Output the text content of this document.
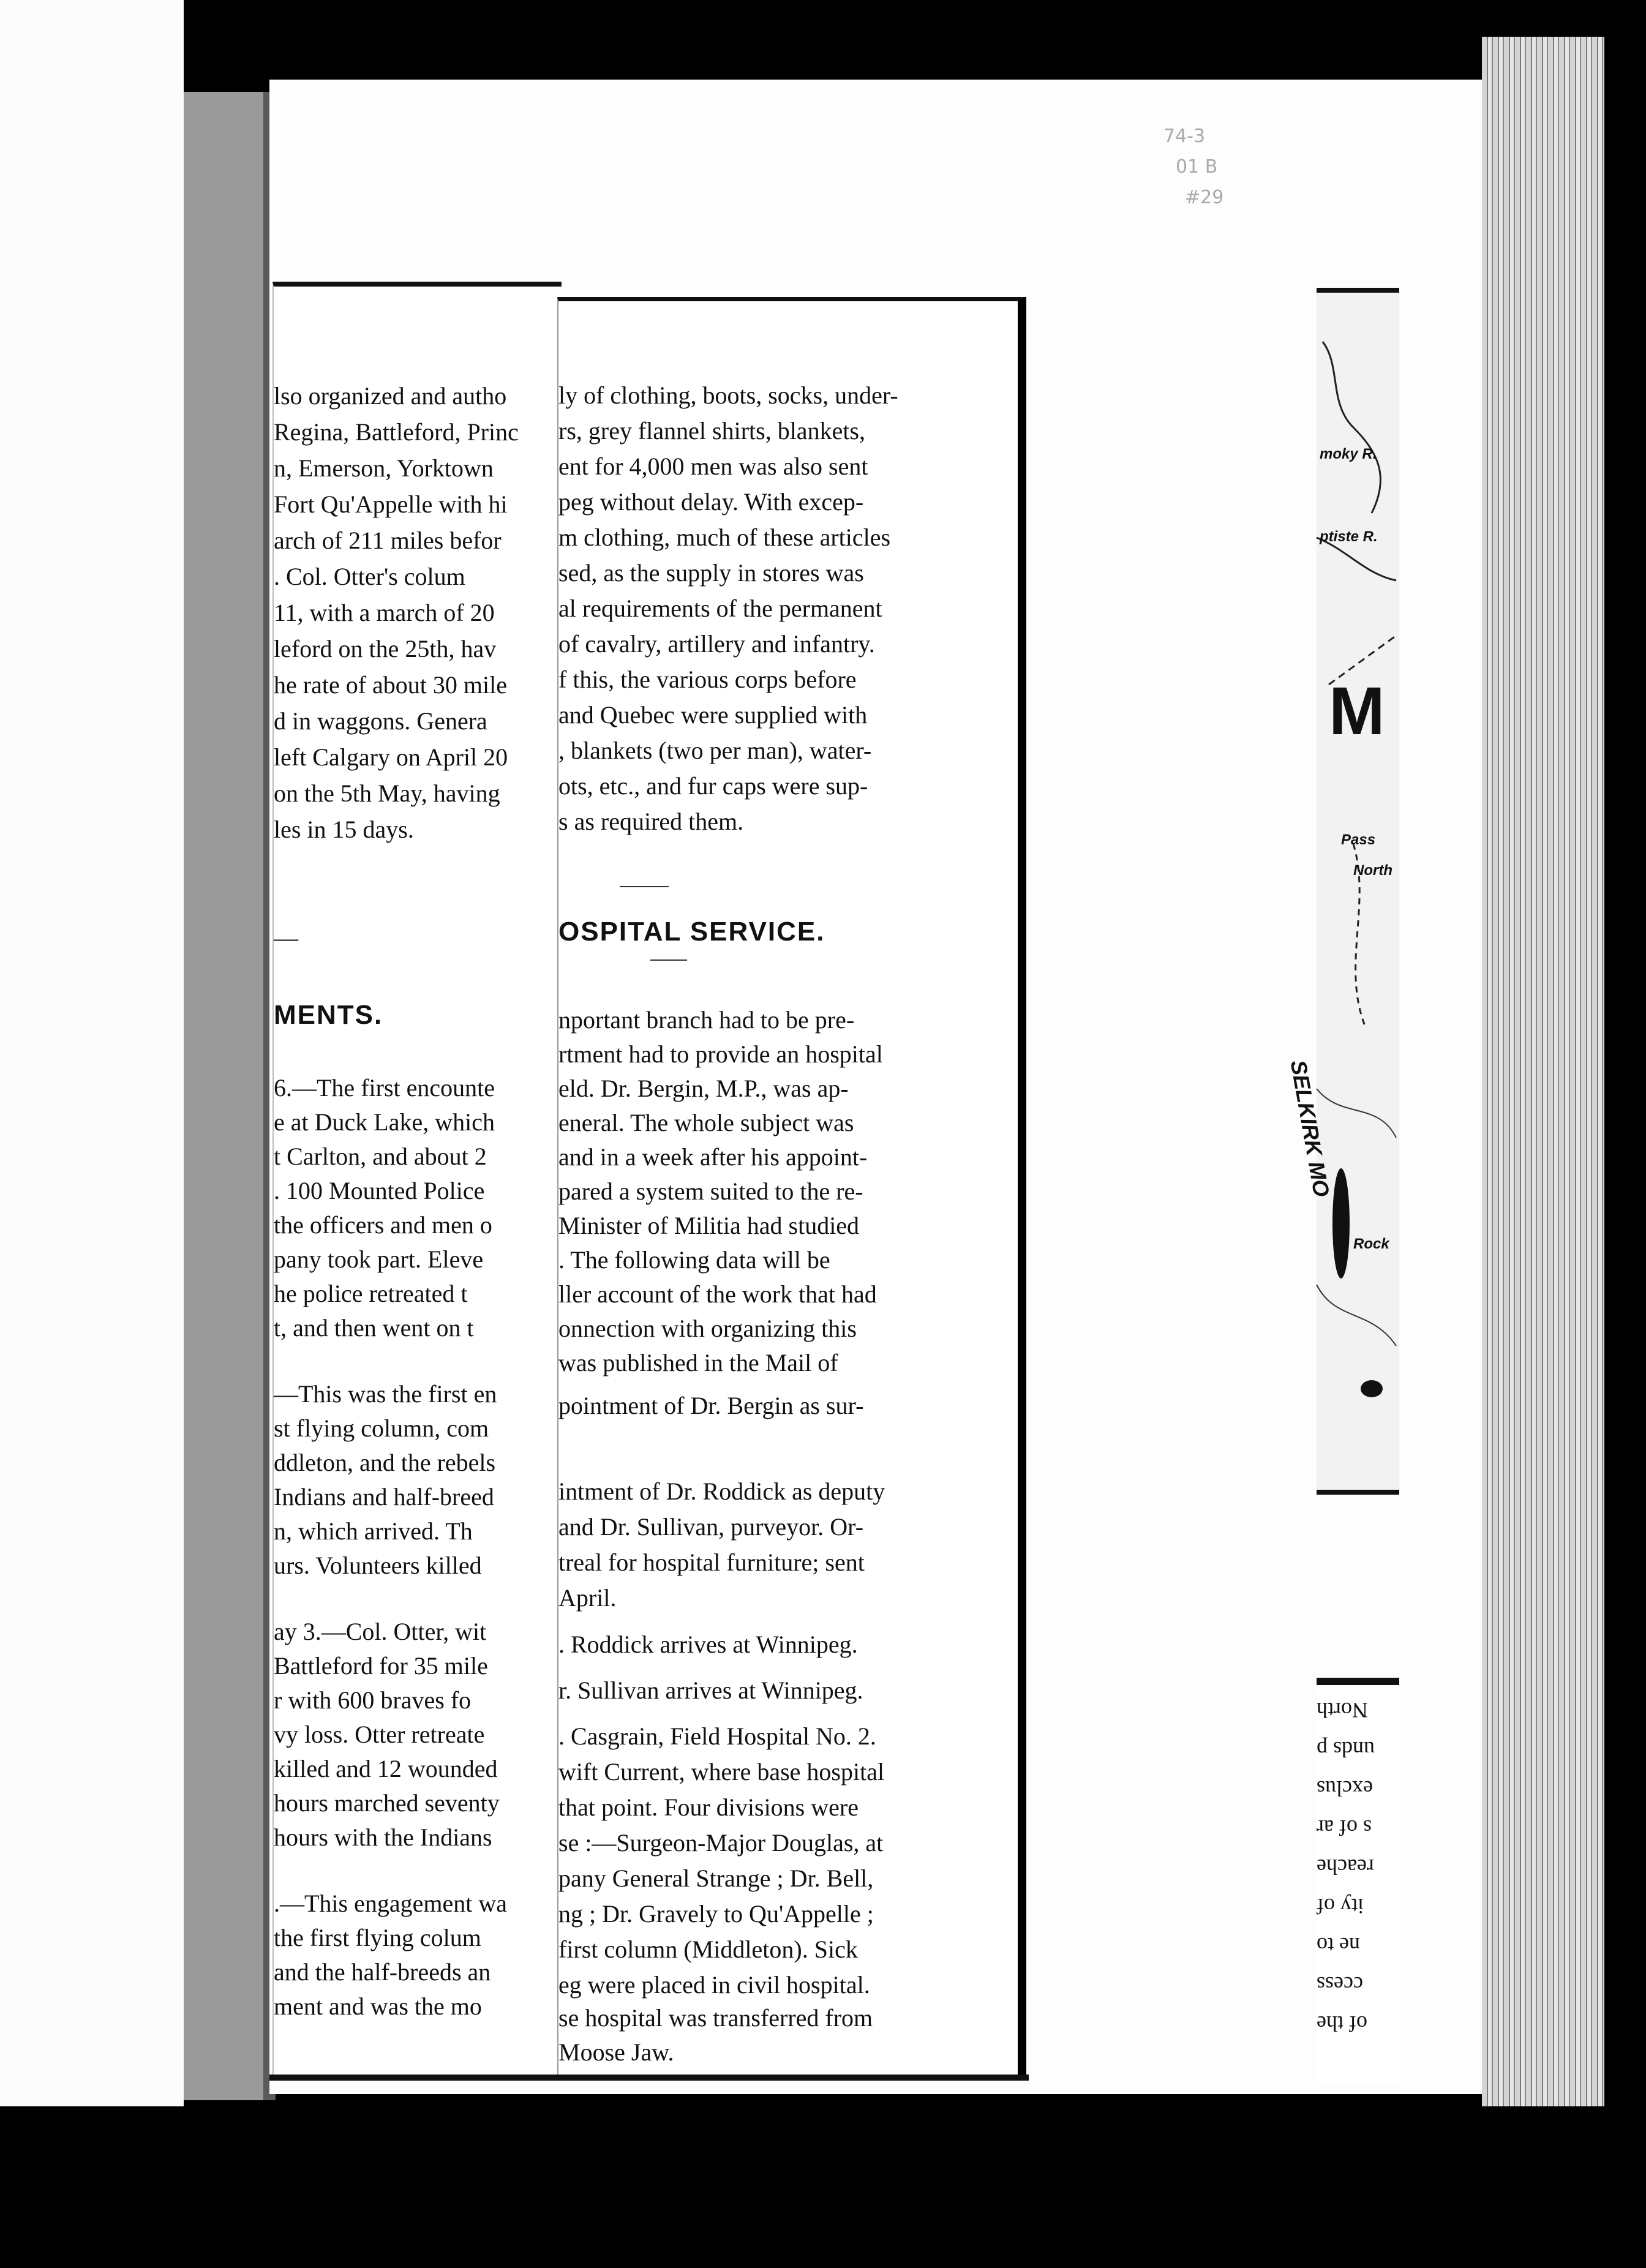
74-3
01 B
#29
lso organized and autho
Regina, Battleford, Princ
n, Emerson, Yorktown
Fort Qu'Appelle with hi
arch of 211 miles befor
. Col. Otter's colum
11, with a march of 20
leford on the 25th, hav
he rate of about 30 mile
d in waggons. Genera
left Calgary on April 20
on the 5th May, having
les in 15 days.
MENTS.
—
6.—The first encounte
e at Duck Lake, which
t Carlton, and about 2
. 100 Mounted Police
the officers and men o
pany took part. Eleve
he police retreated t
t, and then went on t
—This was the first en
st flying column, com
ddleton, and the rebels
Indians and half-breed
n, which arrived. Th
urs. Volunteers killed
ay 3.—Col. Otter, wit
Battleford for 35 mile
r with 600 braves fo
vy loss. Otter retreate
killed and 12 wounded
hours marched seventy
hours with the Indians
.—This engagement wa
the first flying colum
and the half-breeds an
ment and was the mo
ly of clothing, boots, socks, under-
rs, grey flannel shirts, blankets,
ent for 4,000 men was also sent
peg without delay. With excep-
m clothing, much of these articles
sed, as the supply in stores was
al requirements of the permanent
of cavalry, artillery and infantry.
f this, the various corps before
and Quebec were supplied with
, blankets (two per man), water-
ots, etc., and fur caps were sup-
s as required them.
OSPITAL SERVICE.
nportant branch had to be pre-
rtment had to provide an hospital
eld. Dr. Bergin, M.P., was ap-
eneral. The whole subject was
and in a week after his appoint-
pared a system suited to the re-
Minister of Militia had studied
. The following data will be
ller account of the work that had
onnection with organizing this
was published in the Mail of
pointment of Dr. Bergin as sur-
intment of Dr. Roddick as deputy
and Dr. Sullivan, purveyor. Or-
treal for hospital furniture; sent
April.
. Roddick arrives at Winnipeg.
r. Sullivan arrives at Winnipeg.
. Casgrain, Field Hospital No. 2.
wift Current, where base hospital
that point. Four divisions were
se :—Surgeon-Major Douglas, at
pany General Strange ; Dr. Bell,
ng ; Dr. Gravely to Qu'Appelle ;
first column (Middleton). Sick
eg were placed in civil hospital.
se hospital was transferred from
Moose Jaw.
moky R.
ptiste R.
M
Pass
North
SELKIRK MO
Rock
North
unds p
exclus
s of ar
reache
ity of
ne to
ccess
of the
